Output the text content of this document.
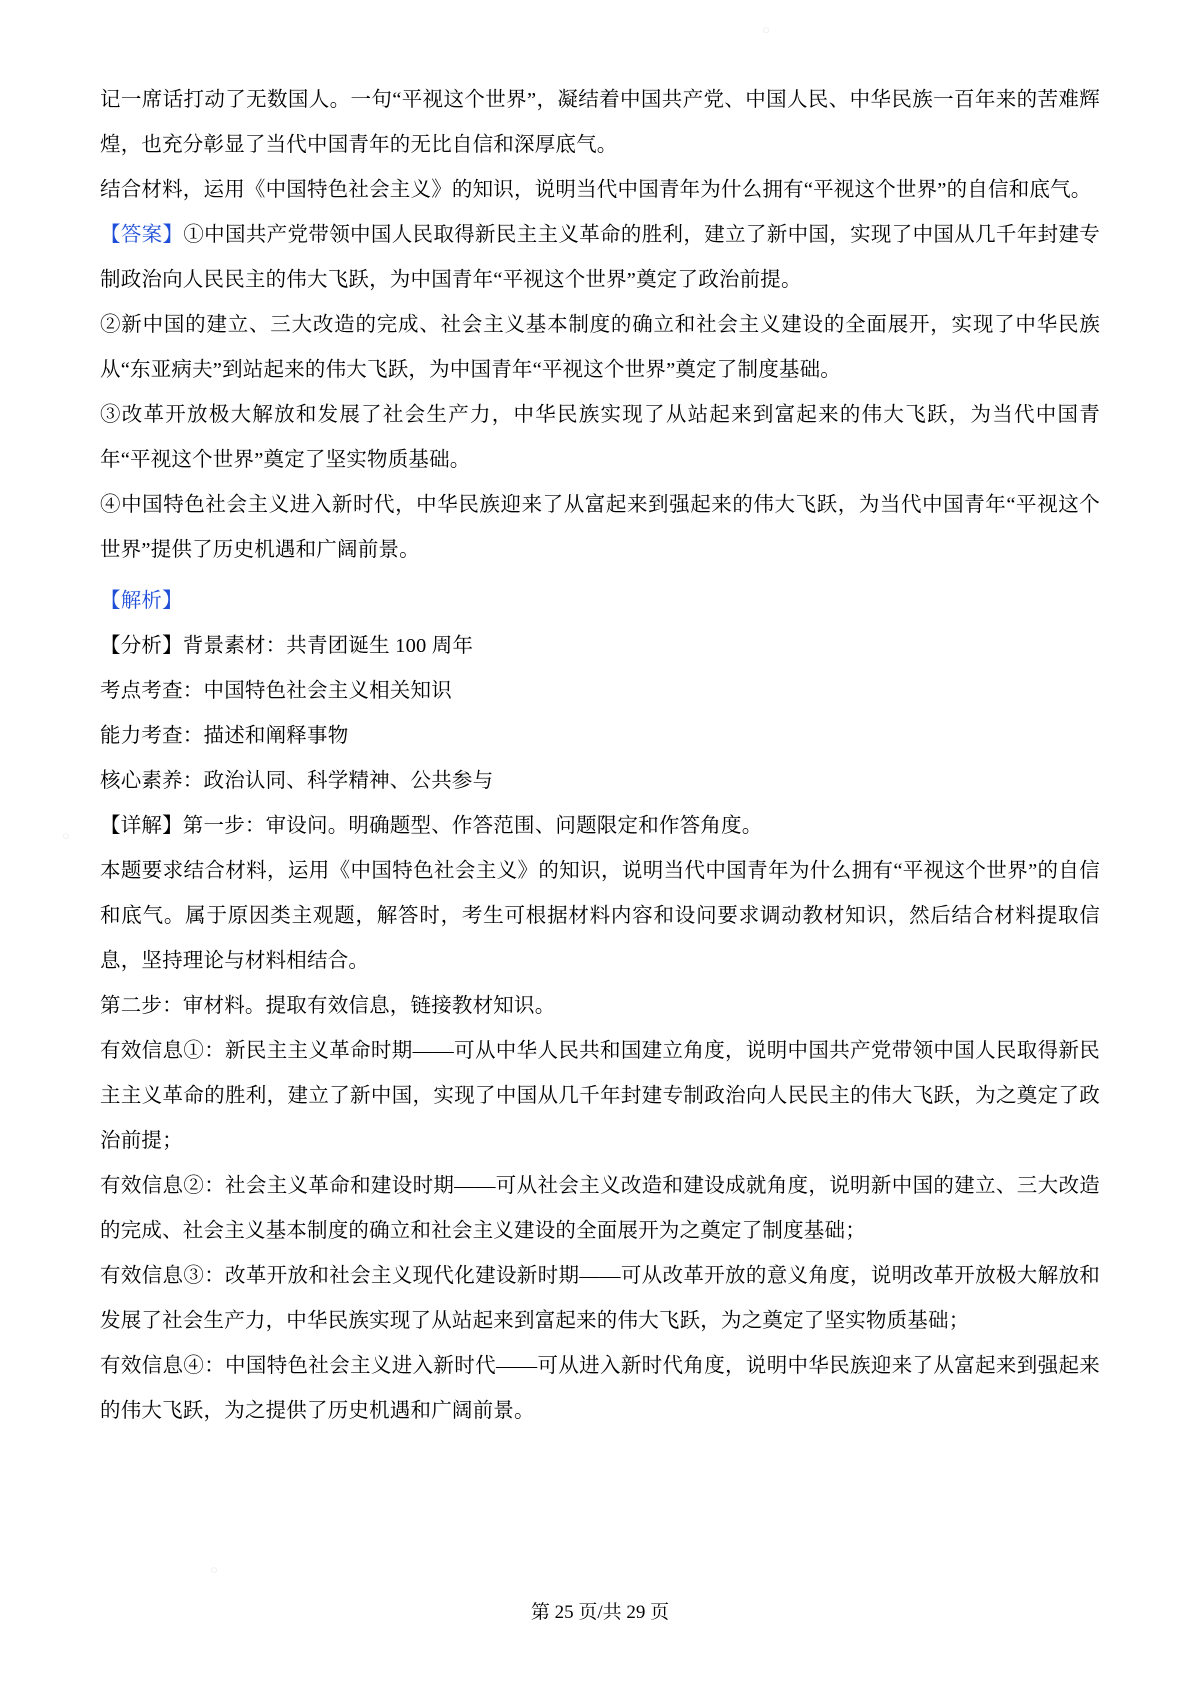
○
○
○

记一席话打动了无数国人。一句“平视这个世界”，凝结着中国共产党、中国人民、中华民族一百年来的苦难辉煌，也充分彰显了当代中国青年的无比自信和深厚底气。

结合材料，运用《中国特色社会主义》的知识，说明当代中国青年为什么拥有“平视这个世界”的自信和底气。

【答案】①中国共产党带领中国人民取得新民主主义革命的胜利，建立了新中国，实现了中国从几千年封建专制政治向人民民主的伟大飞跃，为中国青年“平视这个世界”奠定了政治前提。

②新中国的建立、三大改造的完成、社会主义基本制度的确立和社会主义建设的全面展开，实现了中华民族从“东亚病夫”到站起来的伟大飞跃，为中国青年“平视这个世界”奠定了制度基础。

③改革开放极大解放和发展了社会生产力，中华民族实现了从站起来到富起来的伟大飞跃，为当代中国青年“平视这个世界”奠定了坚实物质基础。

④中国特色社会主义进入新时代，中华民族迎来了从富起来到强起来的伟大飞跃，为当代中国青年“平视这个世界”提供了历史机遇和广阔前景。

【解析】

【分析】背景素材：共青团诞生 100 周年

考点考查：中国特色社会主义相关知识

能力考查：描述和阐释事物

核心素养：政治认同、科学精神、公共参与

【详解】第一步：审设问。明确题型、作答范围、问题限定和作答角度。

本题要求结合材料，运用《中国特色社会主义》的知识，说明当代中国青年为什么拥有“平视这个世界”的自信和底气。属于原因类主观题，解答时，考生可根据材料内容和设问要求调动教材知识，然后结合材料提取信息，坚持理论与材料相结合。

第二步：审材料。提取有效信息，链接教材知识。

有效信息①：新民主主义革命时期——可从中华人民共和国建立角度，说明中国共产党带领中国人民取得新民主主义革命的胜利，建立了新中国，实现了中国从几千年封建专制政治向人民民主的伟大飞跃，为之奠定了政治前提；

有效信息②：社会主义革命和建设时期——可从社会主义改造和建设成就角度，说明新中国的建立、三大改造的完成、社会主义基本制度的确立和社会主义建设的全面展开为之奠定了制度基础；

有效信息③：改革开放和社会主义现代化建设新时期——可从改革开放的意义角度，说明改革开放极大解放和发展了社会生产力，中华民族实现了从站起来到富起来的伟大飞跃，为之奠定了坚实物质基础；

有效信息④：中国特色社会主义进入新时代——可从进入新时代角度，说明中华民族迎来了从富起来到强起来的伟大飞跃，为之提供了历史机遇和广阔前景。

第 25 页/共 29 页
